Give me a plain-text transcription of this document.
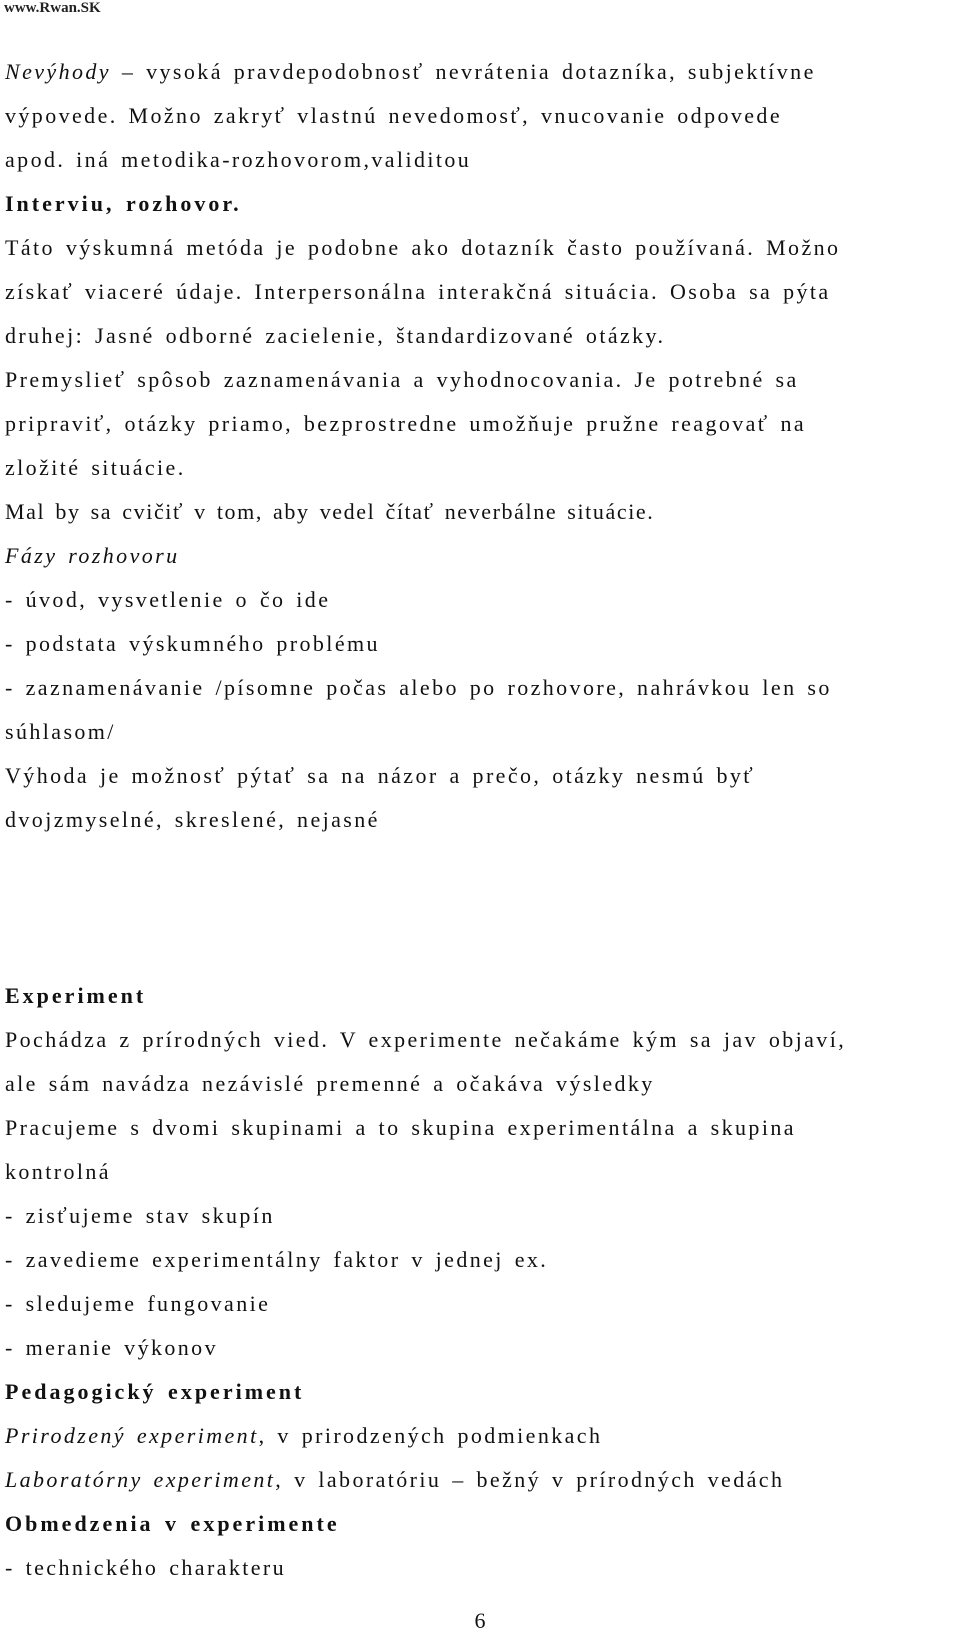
www.Rwan.SK
Nevýhody – vysoká pravdepodobnosť nevrátenia dotazníka, subjektívne
výpovede. Možno zakryť vlastnú nevedomosť, vnucovanie odpovede
apod. iná metodika-rozhovorom,validitou
Interviu, rozhovor.
Táto výskumná metóda je podobne ako dotazník často používaná. Možno
získať viaceré údaje. Interpersonálna interakčná situácia. Osoba sa pýta
druhej: Jasné odborné zacielenie, štandardizované otázky.
Premyslieť spôsob zaznamenávania a vyhodnocovania. Je potrebné sa
pripraviť, otázky priamo, bezprostredne umožňuje pružne reagovať na
zložité situácie.
Mal by sa cvičiť v tom, aby vedel čítať neverbálne situácie.
Fázy rozhovoru
- úvod, vysvetlenie o čo ide
- podstata výskumného problému
- zaznamenávanie /písomne počas alebo po rozhovore, nahrávkou len so
súhlasom/
Výhoda je možnosť pýtať sa na názor a prečo, otázky nesmú byť
dvojzmyselné, skreslené, nejasné
Experiment
Pochádza z prírodných vied. V experimente nečakáme kým sa jav objaví,
ale sám navádza nezávislé premenné a očakáva výsledky
Pracujeme s dvomi skupinami a to skupina experimentálna a skupina
kontrolná
- zisťujeme stav skupín
- zavedieme experimentálny faktor v jednej ex.
- sledujeme fungovanie
- meranie výkonov
Pedagogický experiment
Prirodzený experiment, v prirodzených podmienkach
Laboratórny experiment, v laboratóriu – bežný v prírodných vedách
Obmedzenia v experimente
- technického charakteru
6
